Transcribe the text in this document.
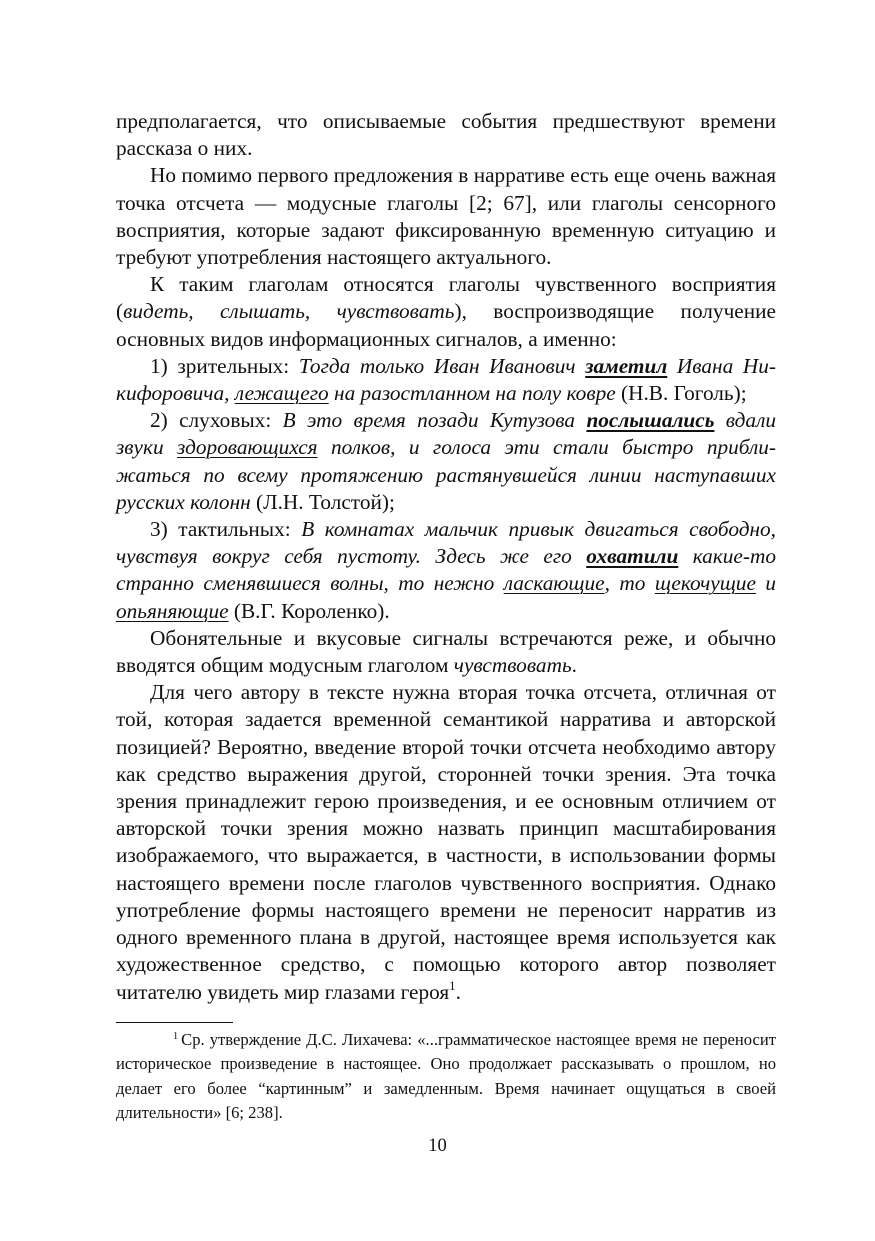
предполагается, что описываемые события предшествуют времени рассказа о них.

Но помимо первого предложения в нарративе есть еще очень важная точка отсчета — модусные глаголы [2; 67], или глаголы сенсорного восприятия, которые задают фиксированную временную ситуацию и требуют употребления настоящего актуального.

К таким глаголам относятся глаголы чувственного восприятия (видеть, слышать, чувствовать), воспроизводящие получение основных видов информационных сигналов, а именно:

1) зрительных: Тогда только Иван Иванович заметил Ивана Никифоровича, лежащего на разостланном на полу ковре (Н.В. Гоголь);

2) слуховых: В это время позади Кутузова послышались вдали звуки здоровающихся полков, и голоса эти стали быстро приближаться по всему протяжению растянувшейся линии наступавших русских колонн (Л.Н. Толстой);

3) тактильных: В комнатах мальчик привык двигаться свободно, чувствуя вокруг себя пустоту. Здесь же его охватили какие-то странно сменявшиеся волны, то нежно ласкающие, то щекочущие и опьяняющие (В.Г. Короленко).

Обонятельные и вкусовые сигналы встречаются реже, и обычно вводятся общим модусным глаголом чувствовать.

Для чего автору в тексте нужна вторая точка отсчета, отличная от той, которая задается временной семантикой нарратива и авторской позицией? Вероятно, введение второй точки отсчета необходимо автору как средство выражения другой, сторонней точки зрения. Эта точка зрения принадлежит герою произведения, и ее основным отличием от авторской точки зрения можно назвать принцип масштабирования изображаемого, что выражается, в частности, в использовании формы настоящего времени после глаголов чувственного восприятия. Однако употребление формы настоящего времени не переносит нарратив из одного временного плана в другой, настоящее время используется как художественное средство, с помощью которого автор позволяет читателю увидеть мир глазами героя$^1$.

$^1$ Ср. утверждение Д.С. Лихачева: «...грамматическое настоящее время не переносит историческое произведение в настоящее. Оно продолжает рассказывать о прошлом, но делает его более “картинным” и замедленным. Время начинает ощущаться в своей длительности» [6; 238].

10
